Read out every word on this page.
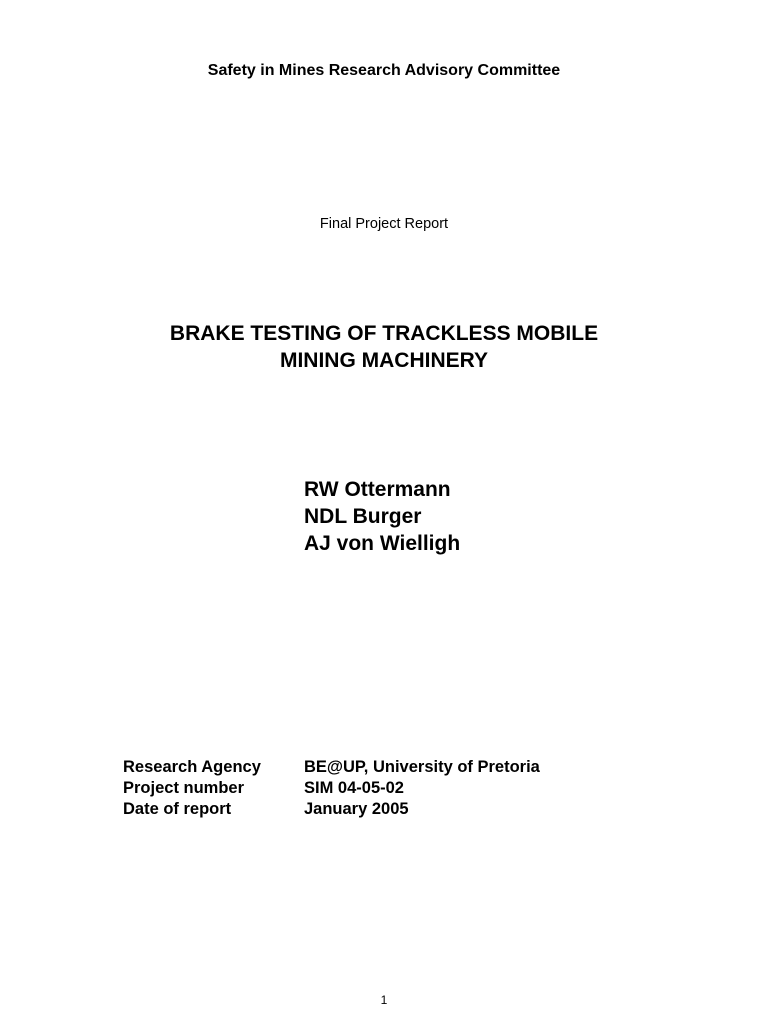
Safety in Mines Research Advisory Committee
Final Project Report
BRAKE TESTING OF TRACKLESS MOBILE
MINING MACHINERY
RW Ottermann
NDL Burger
AJ von Wielligh
Research Agency	BE@UP, University of Pretoria
Project number	SIM 04-05-02
Date of report	January 2005
1
